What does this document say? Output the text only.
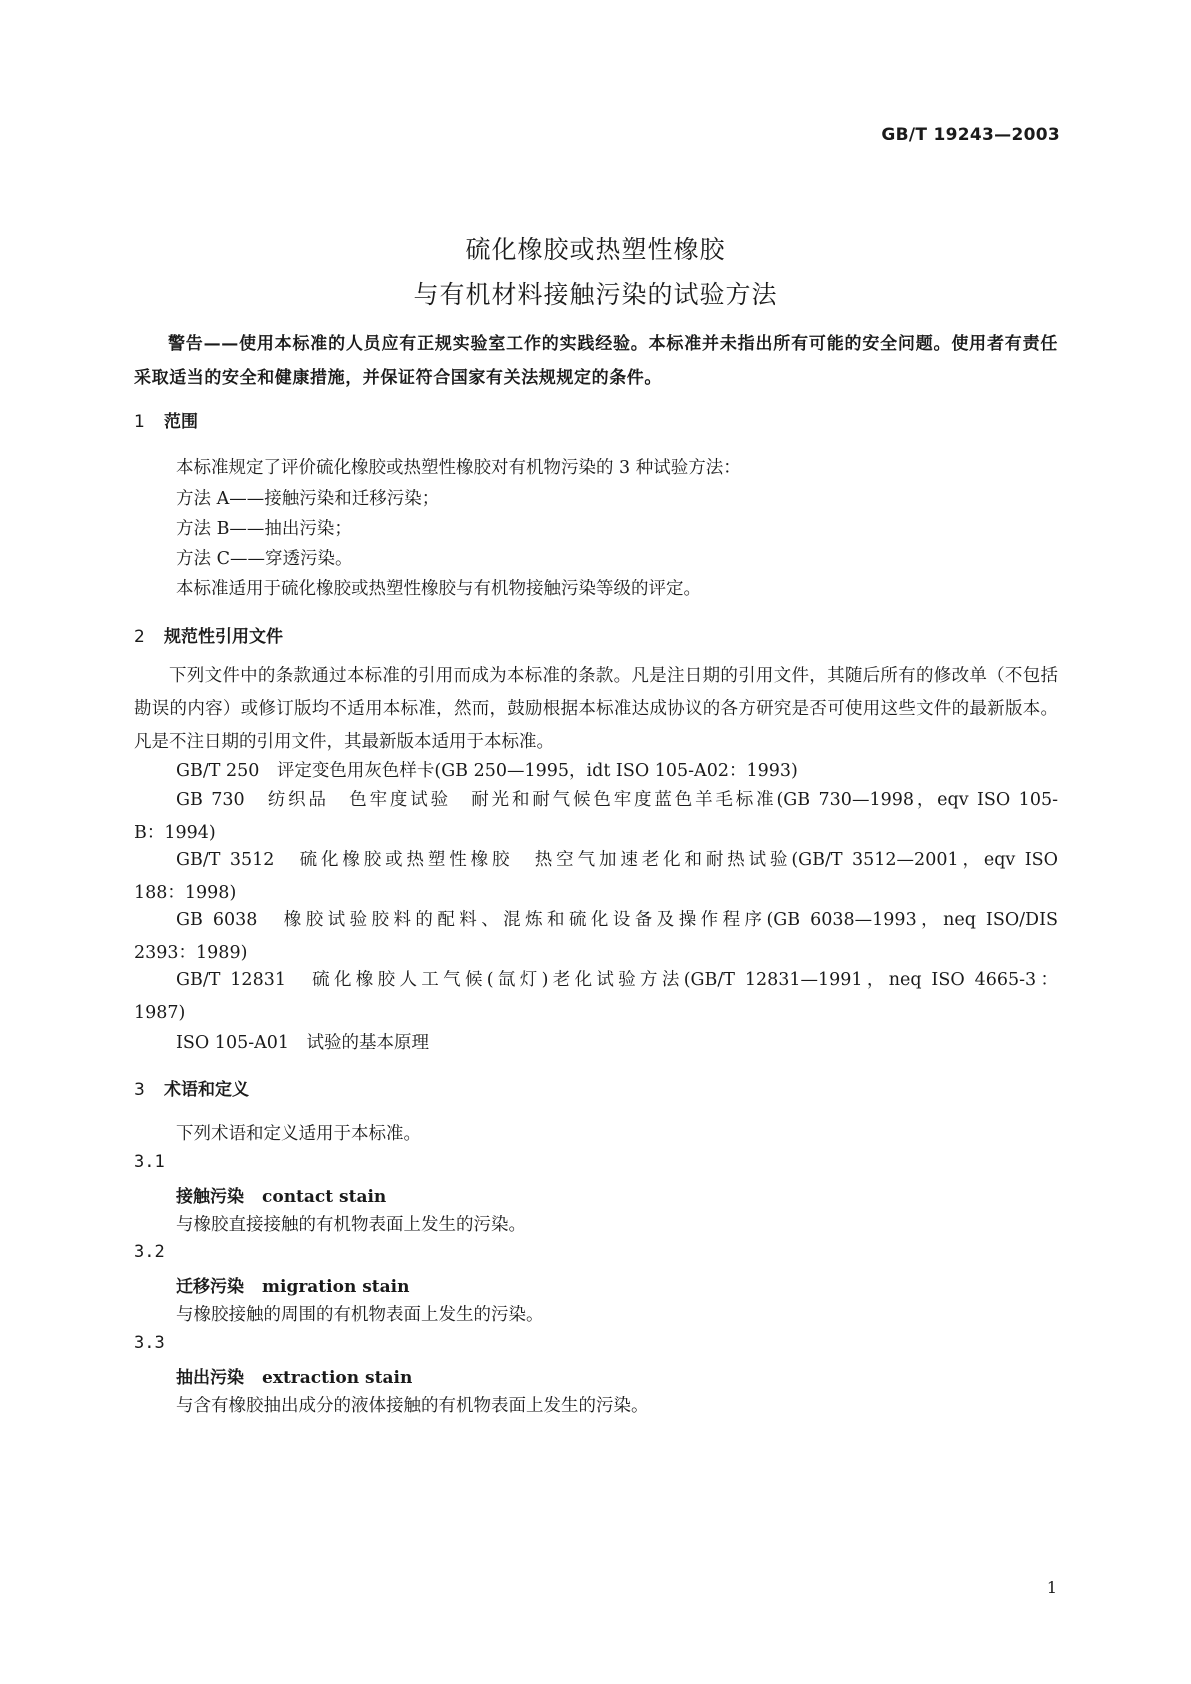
GB/T 19243—2003
硫化橡胶或热塑性橡胶
与有机材料接触污染的试验方法
警告——使用本标准的人员应有正规实验室工作的实践经验。本标准并未指出所有可能的安全问题。使用者有责任采取适当的安全和健康措施，并保证符合国家有关法规规定的条件。
1 范围
本标准规定了评价硫化橡胶或热塑性橡胶对有机物污染的 3 种试验方法：
方法 A——接触污染和迁移污染；
方法 B——抽出污染；
方法 C——穿透污染。
本标准适用于硫化橡胶或热塑性橡胶与有机物接触污染等级的评定。
2 规范性引用文件
下列文件中的条款通过本标准的引用而成为本标准的条款。凡是注日期的引用文件，其随后所有的修改单（不包括勘误的内容）或修订版均不适用本标准，然而，鼓励根据本标准达成协议的各方研究是否可使用这些文件的最新版本。凡是不注日期的引用文件，其最新版本适用于本标准。
GB/T 250　评定变色用灰色样卡(GB 250—1995，idt ISO 105-A02：1993)
GB 730　纺织品　色牢度试验　耐光和耐气候色牢度蓝色羊毛标准(GB 730—1998，eqv ISO 105-
B：1994)
GB/T 3512　硫化橡胶或热塑性橡胶　热空气加速老化和耐热试验(GB/T 3512—2001，eqv ISO
188：1998)
GB 6038　橡胶试验胶料的配料、混炼和硫化设备及操作程序(GB 6038—1993，neq ISO/DIS
2393：1989)
GB/T 12831　硫化橡胶人工气候(氙灯)老化试验方法(GB/T 12831—1991，neq ISO 4665-3：
1987)
ISO 105-A01　试验的基本原理
3 术语和定义
下列术语和定义适用于本标准。
3.1
接触污染 contact stain
与橡胶直接接触的有机物表面上发生的污染。
3.2
迁移污染 migration stain
与橡胶接触的周围的有机物表面上发生的污染。
3.3
抽出污染 extraction stain
与含有橡胶抽出成分的液体接触的有机物表面上发生的污染。
1
